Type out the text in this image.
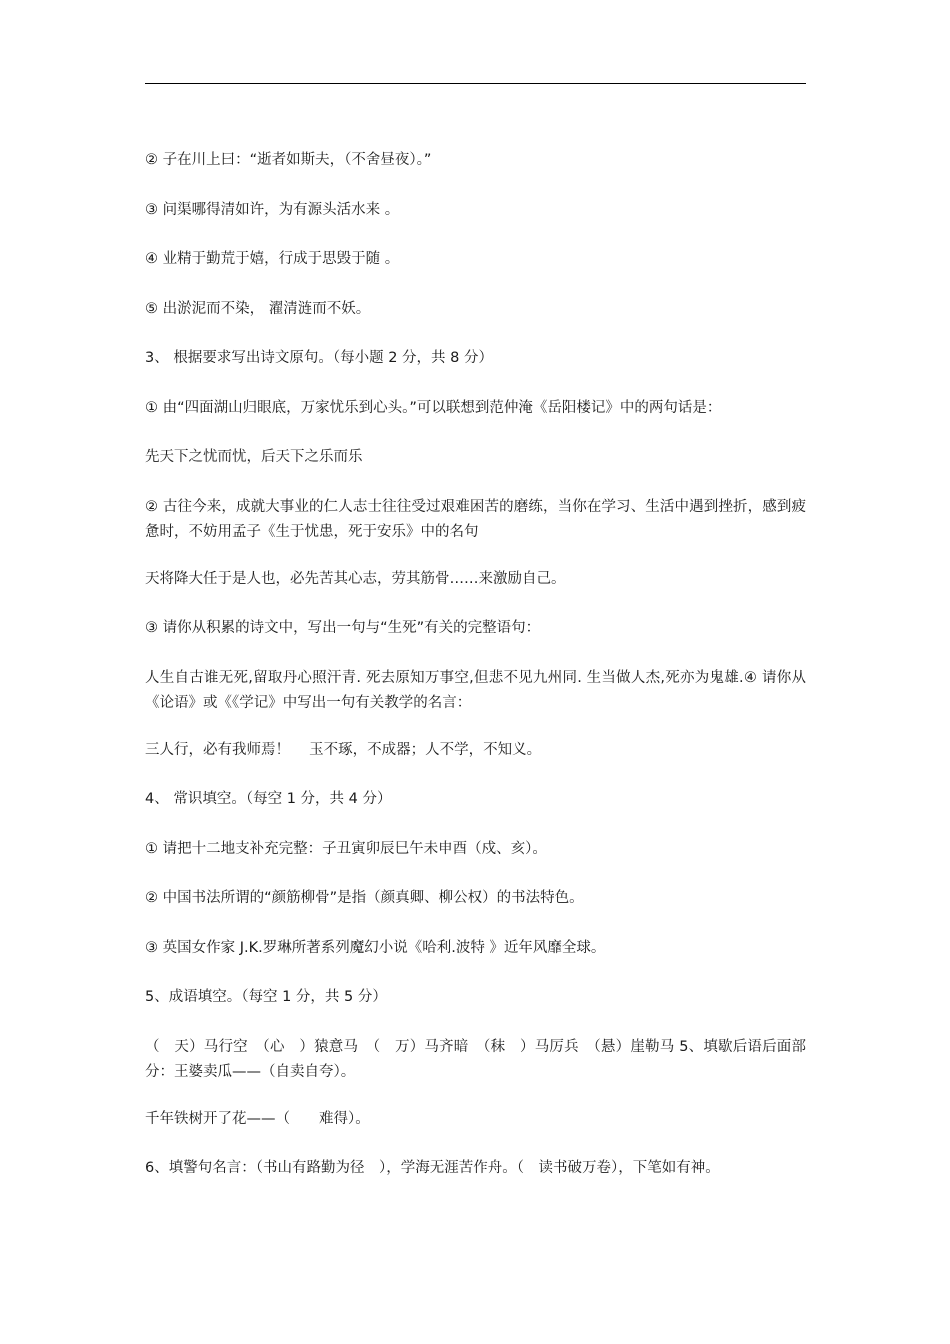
② 子在川上曰：“逝者如斯夫，（不舍昼夜）。”

③ 问渠哪得清如许，为有源头活水来 。

④ 业精于勤荒于嬉，行成于思毁于随 。

⑤ 出淤泥而不染， 濯清涟而不妖。

3、 根据要求写出诗文原句。（每小题 2 分，共 8 分）

① 由“四面湖山归眼底，万家忧乐到心头。”可以联想到范仲淹《岳阳楼记》中的两句话是：

先天下之忧而忧，后天下之乐而乐

② 古往今来，成就大事业的仁人志士往往受过艰难困苦的磨练，当你在学习、生活中遇到挫折，感到疲惫时，不妨用孟子《生于忧患，死于安乐》中的名句

天将降大任于是人也，必先苦其心志，劳其筋骨……来激励自己。

③ 请你从积累的诗文中，写出一句与“生死”有关的完整语句：

人生自古谁无死,留取丹心照汗青. 死去原知万事空,但悲不见九州同. 生当做人杰,死亦为鬼雄.④ 请你从《论语》或《《学记》中写出一句有关教学的名言：

三人行，必有我师焉！　 玉不琢，不成器；人不学，不知义。

4、 常识填空。（每空 1 分，共 4 分）

① 请把十二地支补充完整：子丑寅卯辰巳午未申酉（戍、亥）。

② 中国书法所谓的“颜筋柳骨”是指（颜真卿、柳公权）的书法特色。

③ 英国女作家 J.K.罗琳所著系列魔幻小说《哈利.波特 》近年风靡全球。

5、成语填空。（每空 1 分，共 5 分）

（　天）马行空　（心　）猿意马　（　万）马齐暗　（秣　）马厉兵　（悬）崖勒马 5、填歇后语后面部分：王婆卖瓜——（自卖自夸）。

千年铁树开了花——（　　难得）。

6、填警句名言：（书山有路勤为径　），学海无涯苦作舟。（　读书破万卷），下笔如有神。
